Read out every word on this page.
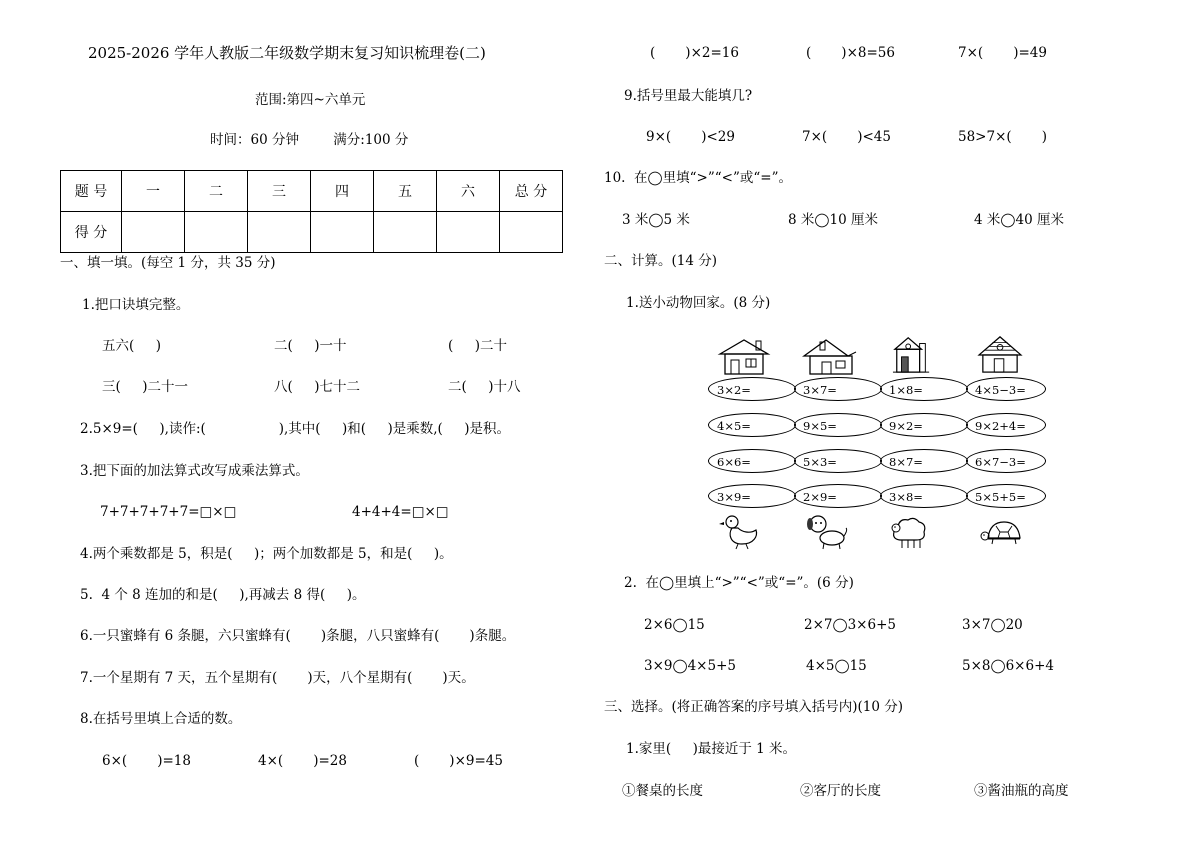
2025-2026 学年人教版二年级数学期末复习知识梳理卷(二)
范围:第四~六单元
时间：60 分钟        满分:100 分
题 号	一	二	三	四	五	六	总 分
得 分							
一、填一填。(每空 1 分，共 35 分)
1.把口诀填完整。
五六(     )	二(     )一十	(     )二十
三(     )二十一	八(     )七十二	二(     )十八
2.5×9=(     ),读作:(                 ),其中(     )和(     )是乘数,(     )是积。
3.把下面的加法算式改写成乘法算式。
7+7+7+7+7=□×□	4+4+4=□×□
4.两个乘数都是 5，积是(     )；两个加数都是 5，和是(     )。
5.  4 个 8 连加的和是(     ),再减去 8 得(     )。
6.一只蜜蜂有 6 条腿，六只蜜蜂有(       )条腿，八只蜜蜂有(       )条腿。
7.一个星期有 7 天，五个星期有(       )天，八个星期有(       )天。
8.在括号里填上合适的数。
6×(       )=18	4×(       )=28	(       )×9=45
(       )×2=16	(       )×8=56	7×(       )=49
9.括号里最大能填几?
9×(       )<29	7×(       )<45	58>7×(       )
10.  在◯里填“>”“<”或“=”。
3 米◯5 米	8 米◯10 厘米	4 米◯40 厘米
二、计算。(14 分)
1.送小动物回家。(8 分)
3×2=	3×7=	1×8=	4×5−3=
4×5=	9×5=	9×2=	9×2+4=
6×6=	5×3=	8×7=	6×7−3=
3×9=	2×9=	3×8=	5×5+5=
2.  在◯里填上“>”“<”或“=”。(6 分)
2×6◯15	2×7◯3×6+5	3×7◯20
3×9◯4×5+5	4×5◯15	5×8◯6×6+4
三、选择。(将正确答案的序号填入括号内)(10 分)
1.家里(     )最接近于 1 米。
①餐桌的长度	②客厅的长度	③酱油瓶的高度
